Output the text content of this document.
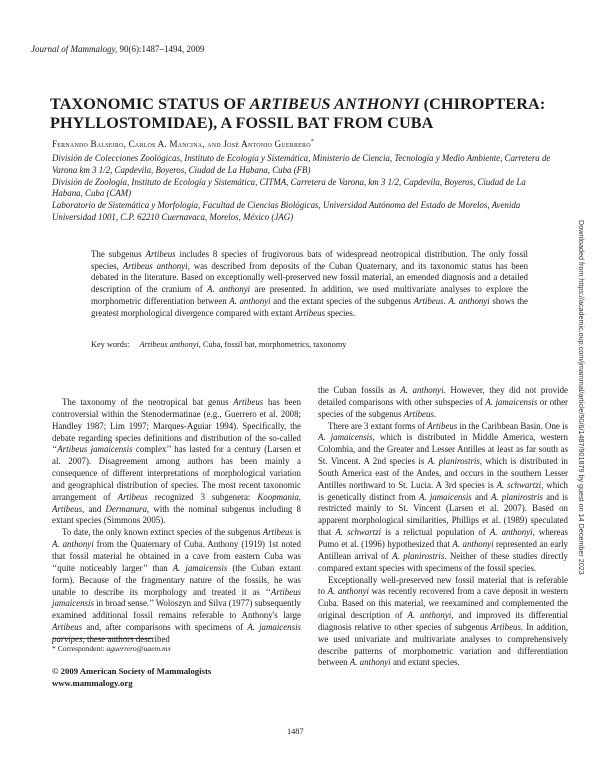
Journal of Mammalogy, 90(6):1487–1494, 2009
TAXONOMIC STATUS OF ARTIBEUS ANTHONYI (CHIROPTERA: PHYLLOSTOMIDAE), A FOSSIL BAT FROM CUBA
Fernando Balseiro, Carlos A. Mancina, and José Antonio Guerrero*

División de Colecciones Zoológicas, Instituto de Ecología y Sistemática, Ministerio de Ciencia, Tecnología y Medio Ambiente, Carretera de Varona km 3 1/2, Capdevila, Boyeros, Ciudad de La Habana, Cuba (FB)

División de Zoología, Instituto de Ecología y Sistemática, CITMA, Carretera de Varona, km 3 1/2, Capdevila, Boyeros, Ciudad de La Habana, Cuba (CAM)

Laboratorio de Sistemática y Morfología, Facultad de Ciencias Biológicas, Universidad Autónoma del Estado de Morelos, Avenida Universidad 1001, C.P. 62210 Cuernavaca, Morelos, México (JAG)

The subgenus Artibeus includes 8 species of frugivorous bats of widespread neotropical distribution. The only fossil species, Artibeus anthonyi, was described from deposits of the Cuban Quaternary, and its taxonomic status has been debated in the literature. Based on exceptionally well-preserved new fossil material, an emended diagnosis and a detailed description of the cranium of A. anthonyi are presented. In addition, we used multivariate analyses to explore the morphometric differentiation between A. anthonyi and the extant species of the subgenus Artibeus. A. anthonyi shows the greatest morphological divergence compared with extant Artibeus species.
Key words: Artibeus anthonyi, Cuba, fossil bat, morphometrics, taxonomy

The taxonomy of the neotropical bat genus Artibeus has been controversial within the Stenodermatinae (e.g., Guerrero et al. 2008; Handley 1987; Lim 1997; Marques-Aguiar 1994). Specifically, the debate regarding species definitions and distribution of the so-called ‘‘Artibeus jamaicensis complex’’ has lasted for a century (Larsen et al. 2007). Disagreement among authors has been mainly a consequence of different interpretations of morphological variation and geographical distribution of species. The most recent taxonomic arrangement of Artibeus recognized 3 subgenera: Koopmania, Artibeus, and Dermanura, with the nominal subgenus including 8 extant species (Simmons 2005).

To date, the only known extinct species of the subgenus Artibeus is A. anthonyi from the Quaternary of Cuba. Anthony (1919) 1st noted that fossil material he obtained in a cave from eastern Cuba was ‘‘quite noticeably larger’’ than A. jamaicensis (the Cuban extant form). Because of the fragmentary nature of the fossils, he was unable to describe its morphology and treated it as ‘‘Artibeus jamaicensis in broad sense.’’ Woloszyn and Silva (1977) subsequently examined additional fossil remains referable to Anthony's large Artibeus and, after comparisons with specimens of A. jamaicensis parvipes, these authors described

the Cuban fossils as A. anthonyi. However, they did not provide detailed comparisons with other subspecies of A. jamaicensis or other species of the subgenus Artibeus.

There are 3 extant forms of Artibeus in the Caribbean Basin. One is A. jamaicensis, which is distributed in Middle America, western Colombia, and the Greater and Lesser Antilles at least as far south as St. Vincent. A 2nd species is A. planirostris, which is distributed in South America east of the Andes, and occurs in the southern Lesser Antilles northward to St. Lucia. A 3rd species is A. schwartzi, which is genetically distinct from A. jamaicensis and A. planirostris and is restricted mainly to St. Vincent (Larsen et al. 2007). Based on apparent morphological similarities, Phillips et al. (1989) speculated that A. schwartzi is a relictual population of A. anthonyi, whereas Pumo et al. (1996) hypothesized that A. anthonyi represented an early Antillean arrival of A. planirostris. Neither of these studies directly compared extant species with specimens of the fossil species.

Exceptionally well-preserved new fossil material that is referable to A. anthonyi was recently recovered from a cave deposit in western Cuba. Based on this material, we reexamined and complemented the original description of A. anthonyi, and improved its differential diagnosis relative to other species of subgenus Artibeus. In addition, we used univariate and multivariate analyses to comprehensively describe patterns of morphometric variation and differentiation between A. anthonyi and extant species.

* Correspondent: aguerrero@uaem.mx
© 2009 American Society of Mammalogists
www.mammalogy.org
1487
Downloaded from https://academic.oup.com/jmammal/article/90/6/1487/901879 by guest on 14 December 2023
